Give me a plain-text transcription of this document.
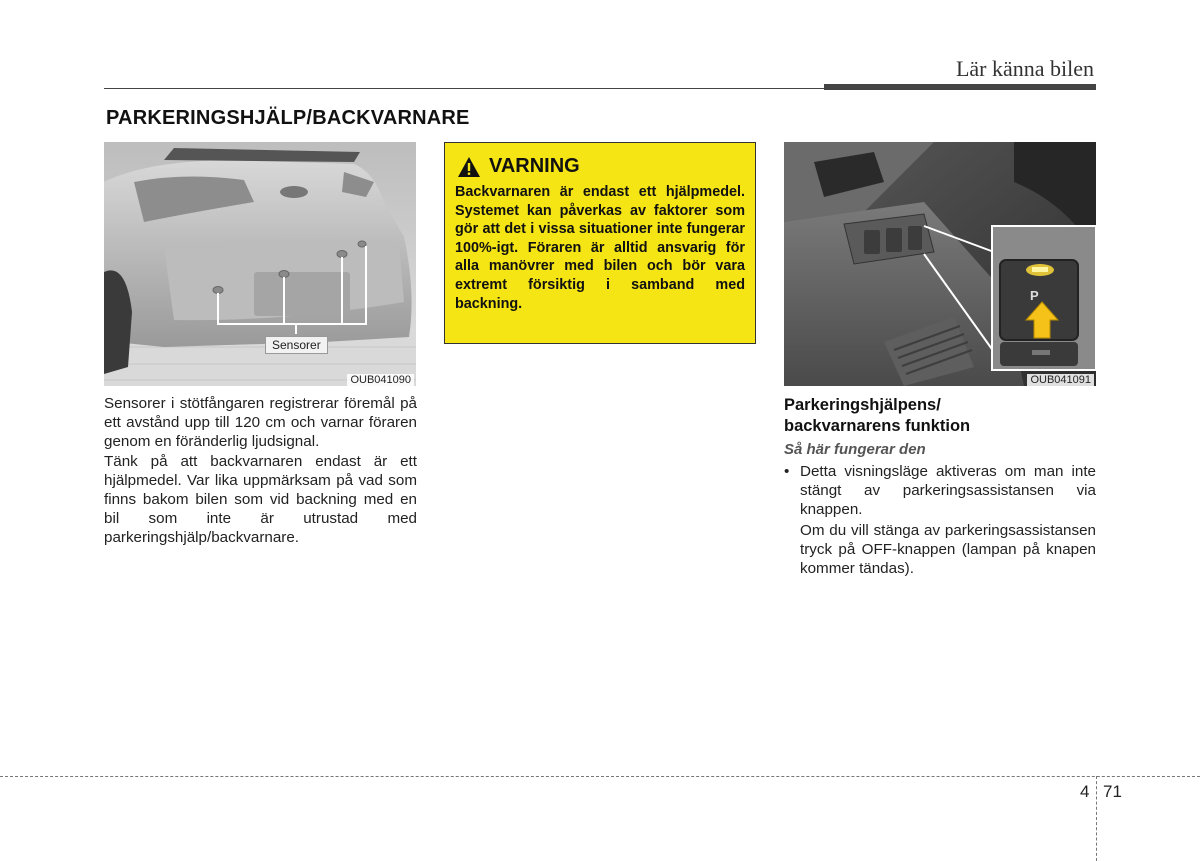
Lär känna bilen
PARKERINGSHJÄLP/BACKVARNARE
Sensorer
OUB041090
Sensorer i stötfångaren registrerar föremål på ett avstånd upp till 120 cm och varnar föraren genom en föränderlig ljudsignal.
Tänk på att backvarnaren endast är ett hjälpmedel. Var lika uppmärksam på vad som finns bakom bilen som vid backning med en bil som inte är utrustad med parkeringshjälp/backvarnare.
VARNING
Backvarnaren är endast ett hjälpmedel. Systemet kan påverkas av faktorer som gör att det i vissa situationer inte fungerar 100%-igt. Föraren är alltid ansvarig för alla manövrer med bilen och bör vara extremt försiktig i samband med backning.
P
OUB041091
Parkeringshjälpens/
backvarnarens funktion
Så här fungerar den
• Detta visningsläge aktiveras om man inte stängt av parkeringsassistansen via knappen.
Om du vill stänga av parkeringsassistansen tryck på OFF-knappen (lampan på knapen kommer tändas).
4 71
